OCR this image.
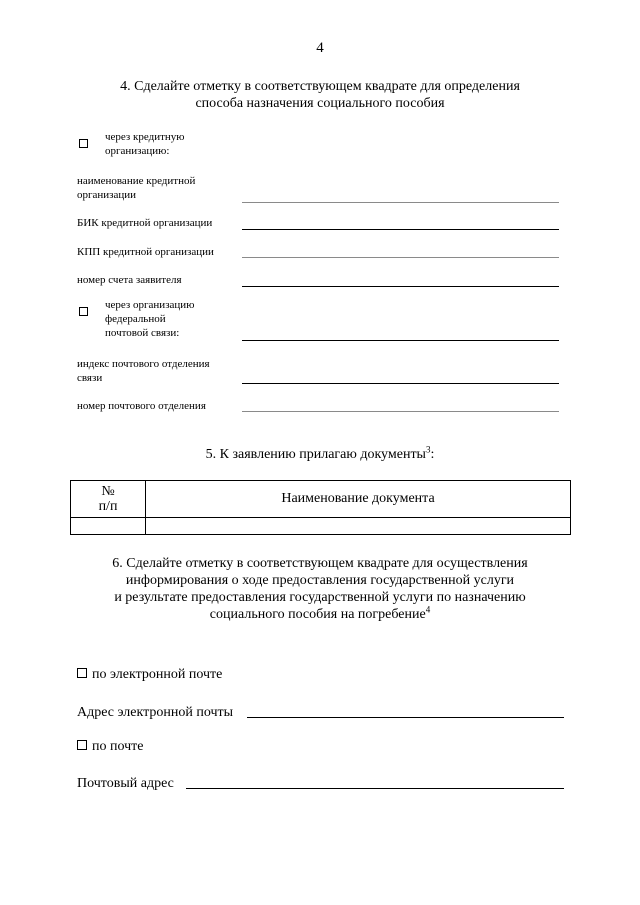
4
4. Сделайте отметку в соответствующем квадрате для определения
способа назначения социального пособия
через кредитную
организацию:
наименование кредитной
организации
БИК кредитной организации
КПП кредитной организации
номер счета заявителя
через организацию
федеральной
почтовой связи:
индекс почтового отделения
связи
номер почтового отделения
5. К заявлению прилагаю документы$^3$:
№
п/п	Наименование документа

6. Сделайте отметку в соответствующем квадрате для осуществления
информирования о ходе предоставления государственной услуги
и результате предоставления государственной услуги по назначению
социального пособия на погребение$^4$
по электронной почте
Адрес электронной почты
по почте
Почтовый адрес
